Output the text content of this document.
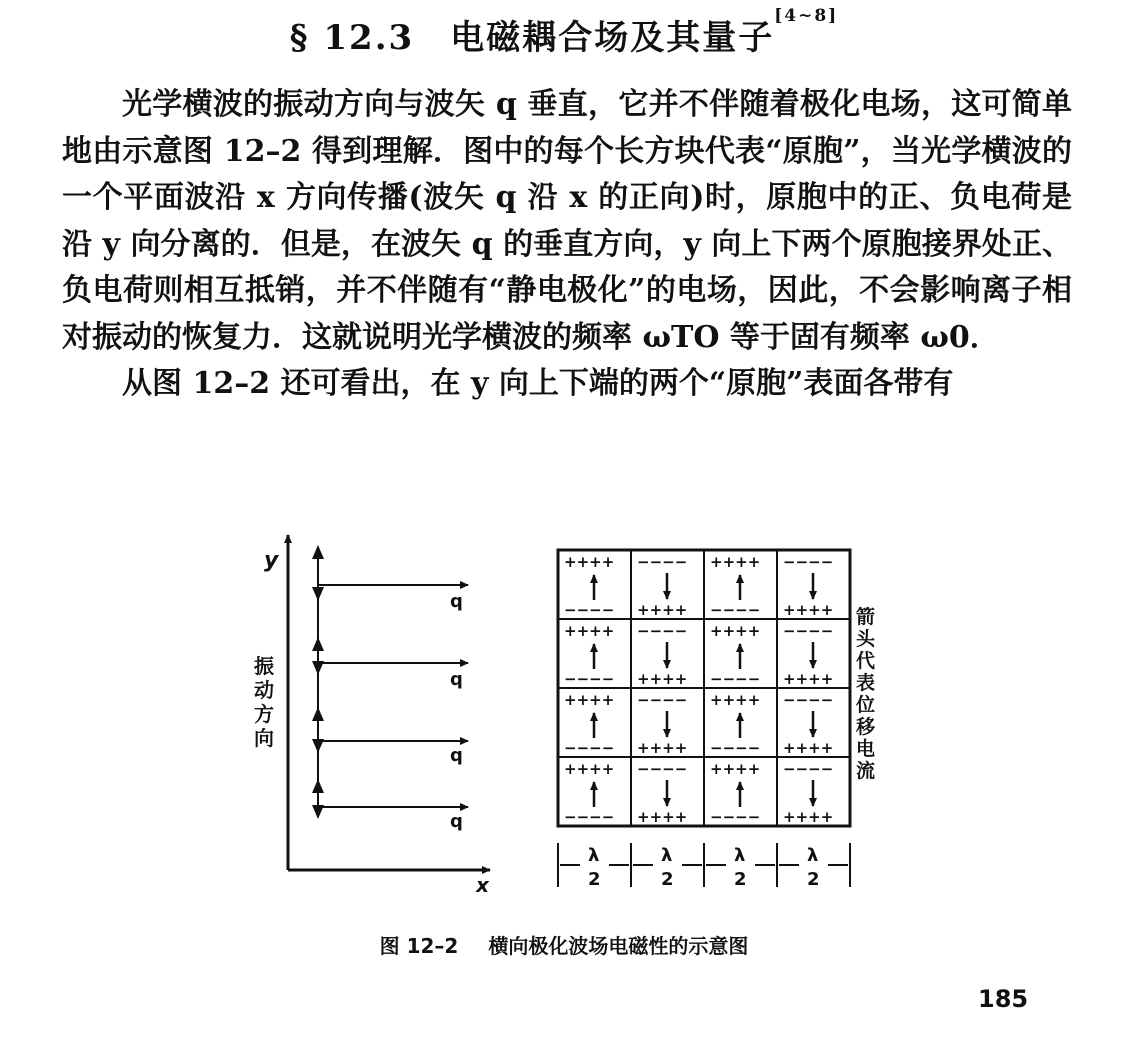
§ 12.3 电磁耦合场及其量子[4~8]

光学横波的振动方向与波矢 q 垂直，它并不伴随着极化电场，这可简单地由示意图 12–2 得到理解．图中的每个长方块代表“原胞”，当光学横波的一个平面波沿 x 方向传播(波矢 q 沿 x 的正向)时，原胞中的正、负电荷是沿 y 向分离的．但是，在波矢 q 的垂直方向，y 向上下两个原胞接界处正、负电荷则相互抵销，并不伴随有“静电极化”的电场，因此，不会影响离子相对振动的恢复力．这就说明光学横波的频率 ωTO 等于固有频率 ω0．

从图 12–2 还可看出，在 y 向上下端的两个“原胞”表面各带有

y
x
振
动
方
向
q
q
q
q
++++
−−−−
−−−−
++++
++++
−−−−
−−−−
++++
++++
−−−−
−−−−
++++
++++
−−−−
−−−−
++++
++++
−−−−
−−−−
++++
++++
−−−−
−−−−
++++
++++
−−−−
−−−−
++++
++++
−−−−
−−−−
++++
λ
2
λ
2
λ
2
λ
2
箭
头
代
表
位
移
电
流
图 12–2 横向极化波场电磁性的示意图
185
